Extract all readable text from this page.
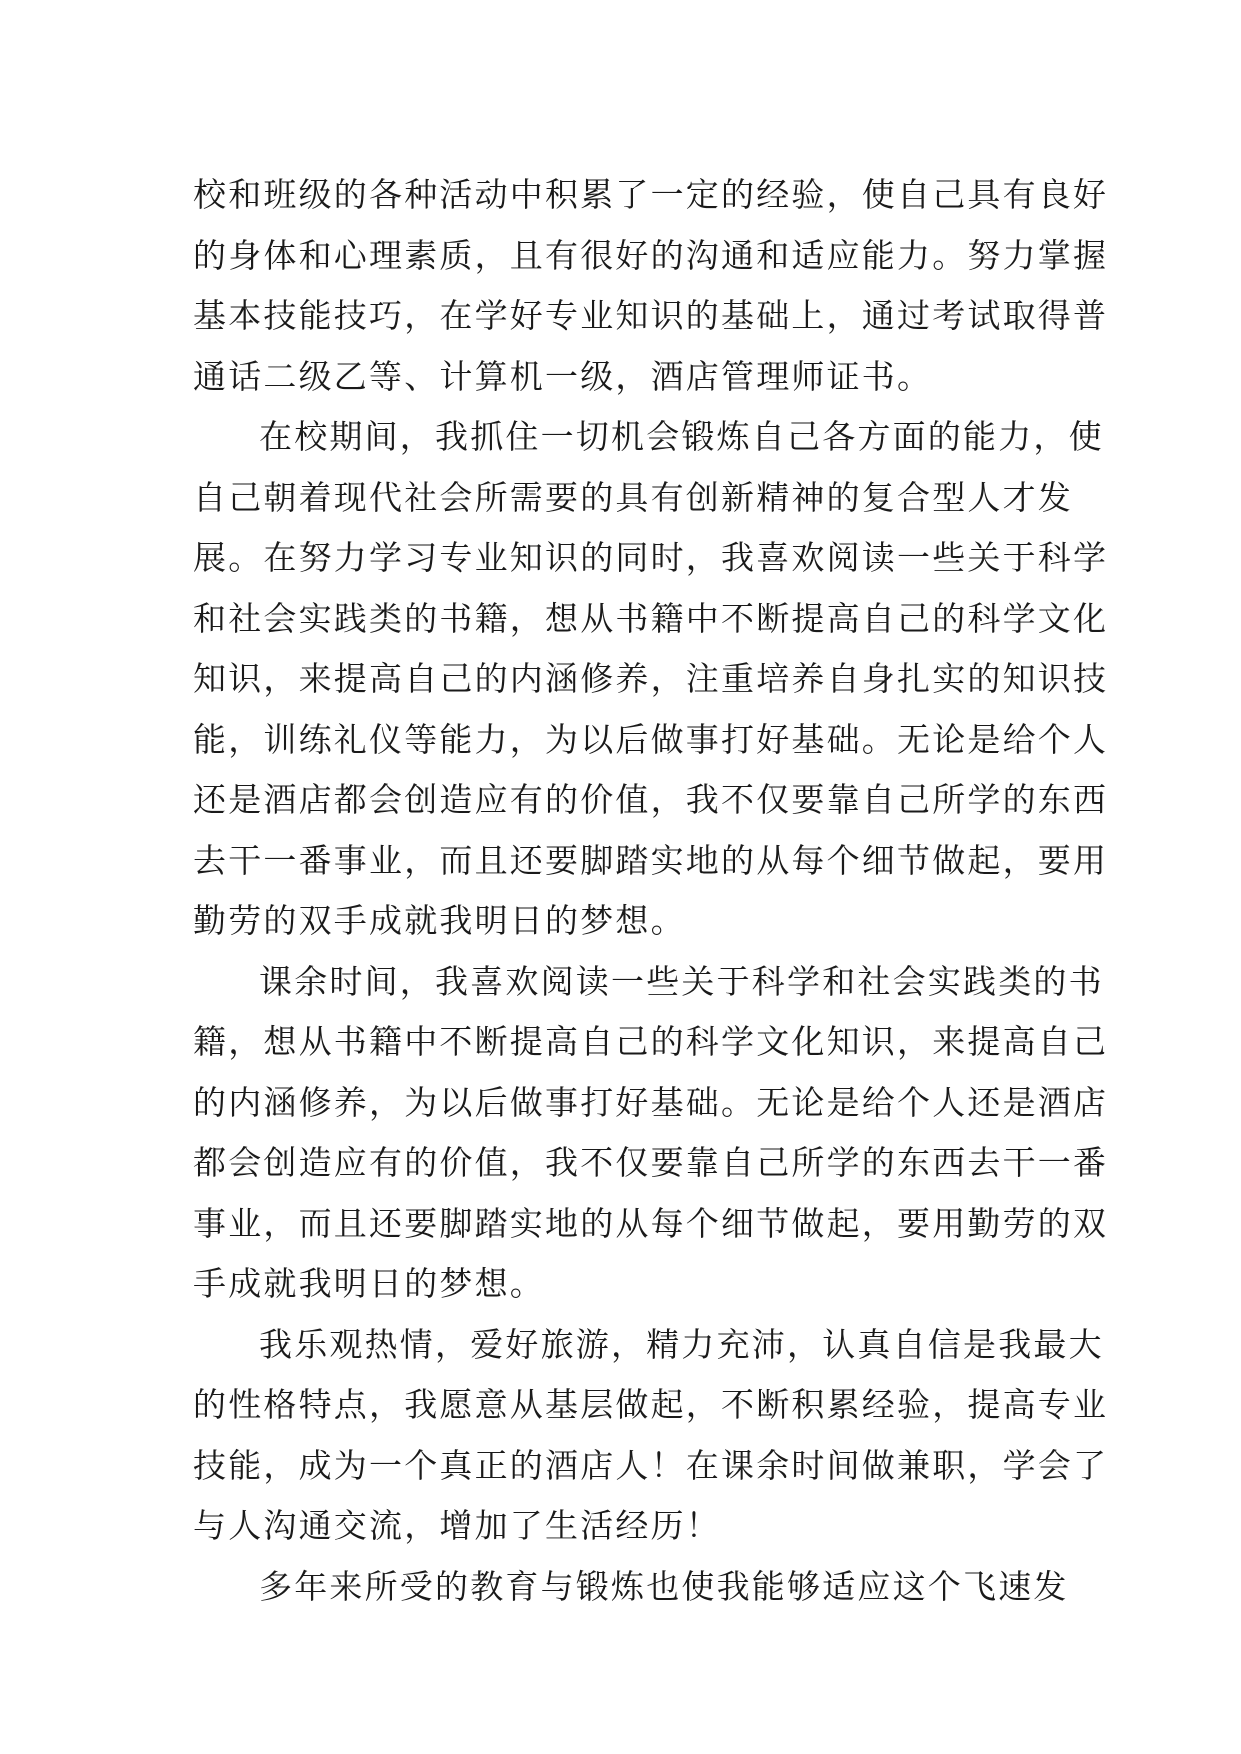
校和班级的各种活动中积累了一定的经验，使自己具有良好
的身体和心理素质，且有很好的沟通和适应能力。努力掌握
基本技能技巧，在学好专业知识的基础上，通过考试取得普
通话二级乙等、计算机一级，酒店管理师证书。
在校期间，我抓住一切机会锻炼自己各方面的能力，使
自己朝着现代社会所需要的具有创新精神的复合型人才发
展。在努力学习专业知识的同时，我喜欢阅读一些关于科学
和社会实践类的书籍，想从书籍中不断提高自己的科学文化
知识，来提高自己的内涵修养，注重培养自身扎实的知识技
能，训练礼仪等能力，为以后做事打好基础。无论是给个人
还是酒店都会创造应有的价值，我不仅要靠自己所学的东西
去干一番事业，而且还要脚踏实地的从每个细节做起，要用
勤劳的双手成就我明日的梦想。
课余时间，我喜欢阅读一些关于科学和社会实践类的书
籍，想从书籍中不断提高自己的科学文化知识，来提高自己
的内涵修养，为以后做事打好基础。无论是给个人还是酒店
都会创造应有的价值，我不仅要靠自己所学的东西去干一番
事业，而且还要脚踏实地的从每个细节做起，要用勤劳的双
手成就我明日的梦想。
我乐观热情，爱好旅游，精力充沛，认真自信是我最大
的性格特点，我愿意从基层做起，不断积累经验，提高专业
技能，成为一个真正的酒店人！在课余时间做兼职，学会了
与人沟通交流，增加了生活经历！
多年来所受的教育与锻炼也使我能够适应这个飞速发
